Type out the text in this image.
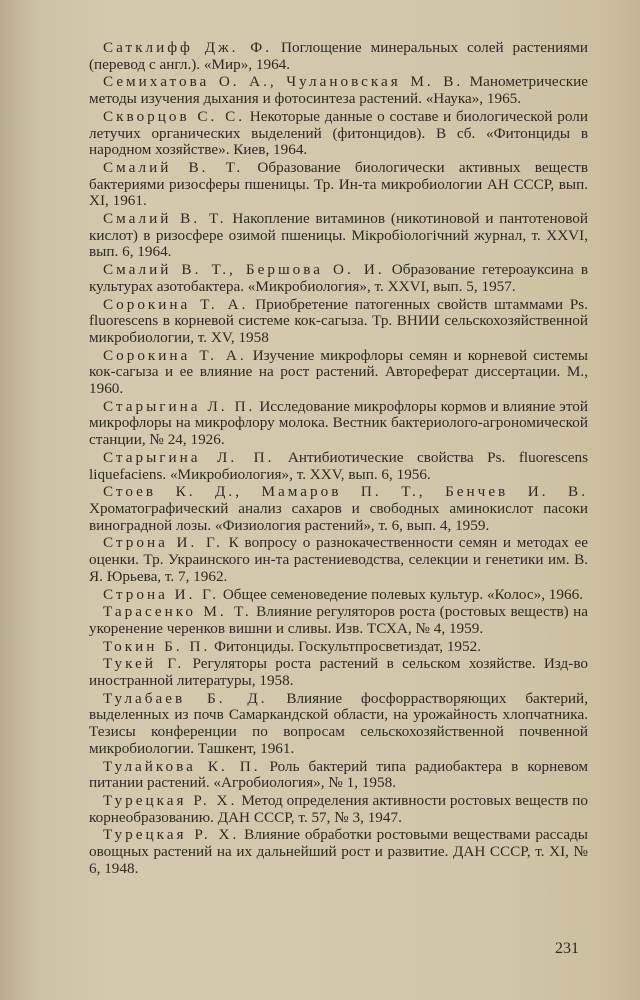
Сатклифф Дж. Ф. Поглощение минеральных солей растениями (перевод с англ.). «Мир», 1964.

Семихатова О. А., Чулановская М. В. Манометрические методы изучения дыхания и фотосинтеза растений. «Наука», 1965.

Скворцов С. С. Некоторые данные о составе и биологической роли летучих органических выделений (фитонцидов). В сб. «Фитонциды в народном хозяйстве». Киев, 1964.

Смалий В. Т. Образование биологически активных веществ бактериями ризосферы пшеницы. Тр. Ин-та микробиологии АН СССР, вып. XI, 1961.

Смалий В. Т. Накопление витаминов (никотиновой и пантотеновой кислот) в ризосфере озимой пшеницы. Мікробіологічний журнал, т. XXVI, вып. 6, 1964.

Смалий В. Т., Бершова О. И. Образование гетероауксина в культурах азотобактера. «Микробиология», т. XXVI, вып. 5, 1957.

Сорокина Т. А. Приобретение патогенных свойств штаммами Ps. fluorescens в корневой системе кок-сагыза. Тр. ВНИИ сельскохозяйственной микробиологии, т. XV, 1958

Сорокина Т. А. Изучение микрофлоры семян и корневой системы кок-сагыза и ее влияние на рост растений. Автореферат диссертации. М., 1960.

Старыгина Л. П. Исследование микрофлоры кормов и влияние этой микрофлоры на микрофлору молока. Вестник бактериолого-агрономической станции, № 24, 1926.

Старыгина Л. П. Антибиотические свойства Ps. fluorescens liquefaciens. «Микробиология», т. XXV, вып. 6, 1956.

Стоев К. Д., Мамаров П. Т., Бенчев И. В. Хроматографический анализ сахаров и свободных аминокислот пасоки виноградной лозы. «Физиология растений», т. 6, вып. 4, 1959.

Строна И. Г. К вопросу о разнокачественности семян и методах ее оценки. Тр. Украинского ин-та растениеводства, селекции и генетики им. В. Я. Юрьева, т. 7, 1962.

Строна И. Г. Общее семеноведение полевых культур. «Колос», 1966.

Тарасенко М. Т. Влияние регуляторов роста (ростовых веществ) на укоренение черенков вишни и сливы. Изв. ТСХА, № 4, 1959.

Токин Б. П. Фитонциды. Госкультпросветиздат, 1952.

Тукей Г. Регуляторы роста растений в сельском хозяйстве. Изд-во иностранной литературы, 1958.

Тулабаев Б. Д. Влияние фосфоррастворяющих бактерий, выделенных из почв Самаркандской области, на урожайность хлопчатника. Тезисы конференции по вопросам сельскохозяйственной почвенной микробиологии. Ташкент, 1961.

Тулайкова К. П. Роль бактерий типа радиобактера в корневом питании растений. «Агробиология», № 1, 1958.

Турецкая Р. Х. Метод определения активности ростовых веществ по корнеобразованию. ДАН СССР, т. 57, № 3, 1947.

Турецкая Р. Х. Влияние обработки ростовыми веществами рассады овощных растений на их дальнейший рост и развитие. ДАН СССР, т. XI, № 6, 1948.

231
